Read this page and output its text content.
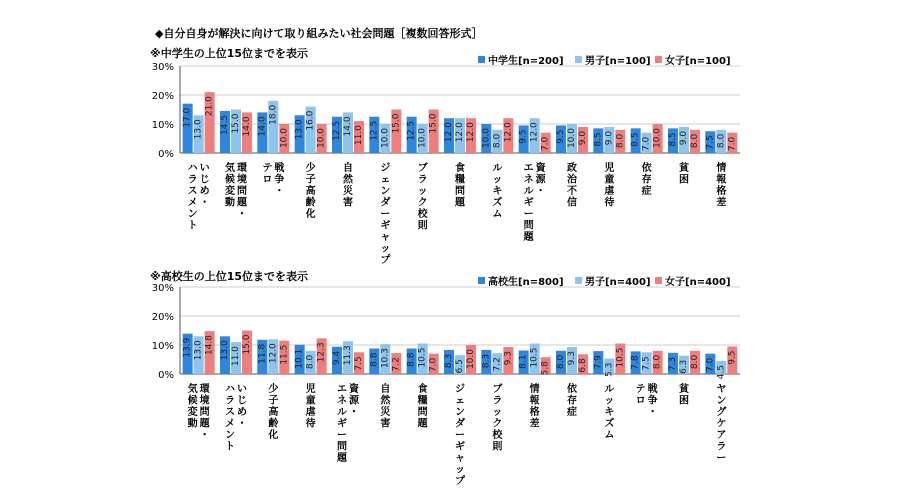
◆自分自身が解決に向けて取り組みたい社会問題［複数回答形式］
※中学生の上位15位までを表示
中学生[n=200] 男子[n=100] 女子[n=100]
0%
10%
20%
30%
17.0
13.0
21.0
い
じ
め
・
ハ
ラ
ス
メ
ン
ト
14.5 15.0 14.0
環
境
問
題
・
気
候
変
動
14.0
18.0
10.0
戦
争
・
テ
ロ
13.0 16.0
10.0
少
子
高
齢
化
12.5 14.0 11.0
自
然
災
害
12.5 10.0
15.0
ジ
ェ
ン
ダ
ー
ギ
ャ
ッ
プ
12.5 10.0
15.0
ブ
ラ
ッ
ク
校
則
12.0 12.0 12.0
食
糧
問
題
10.0 8.0 12.0
ル
ッ
キ
ズ
ム
9.5 12.0
7.0
資
源
・
エ
ネ
ル
ギ
ー
問
題
9.5 10.0 9.0
政
治
不
信
8.5 9.0 8.0
児
童
虐
待
8.5 7.0 10.0
依
存
症
8.5 9.0 8.0
貧
困
7.5 8.0 7.0
情
報
格
差
※高校生の上位15位までを表示	高校生[n=800] 男子[n=400] 女子[n=400]
0%
10%
20%
30%
13.9 13.0 14.8
環
境
問
題
・
気
候
変
動
13.0 11.0
15.0
い
じ
め
・
ハ
ラ
ス
メ
ン
ト
11.8 12.0 11.5
少
子
高
齢
化
10.1 8.0 12.3
児
童
虐
待
9.4 11.3 7.5
資
源
・
エ
ネ
ル
ギ
ー
問
題
8.8 10.3 7.2
自
然
災
害
8.8 10.5 7.0
食
糧
問
題
8.3 6.5 10.0
ジ
ェ
ン
ダ
ー
ギ
ャ
ッ
プ
8.3 7.2 9.3
ブ
ラ
ッ
ク
校
則
8.1 10.5
5.8
情
報
格
差
8.0 9.3
6.8
依
存
症
7.9
5.3
10.5
ル
ッ
キ
ズ
ム
7.8 7.5 8.0
戦
争
・
テ
ロ
7.3 6.3 8.0
貧
困
7.0
4.5
9.5
ヤ
ン
グ
ケ
ア
ラ
ー
